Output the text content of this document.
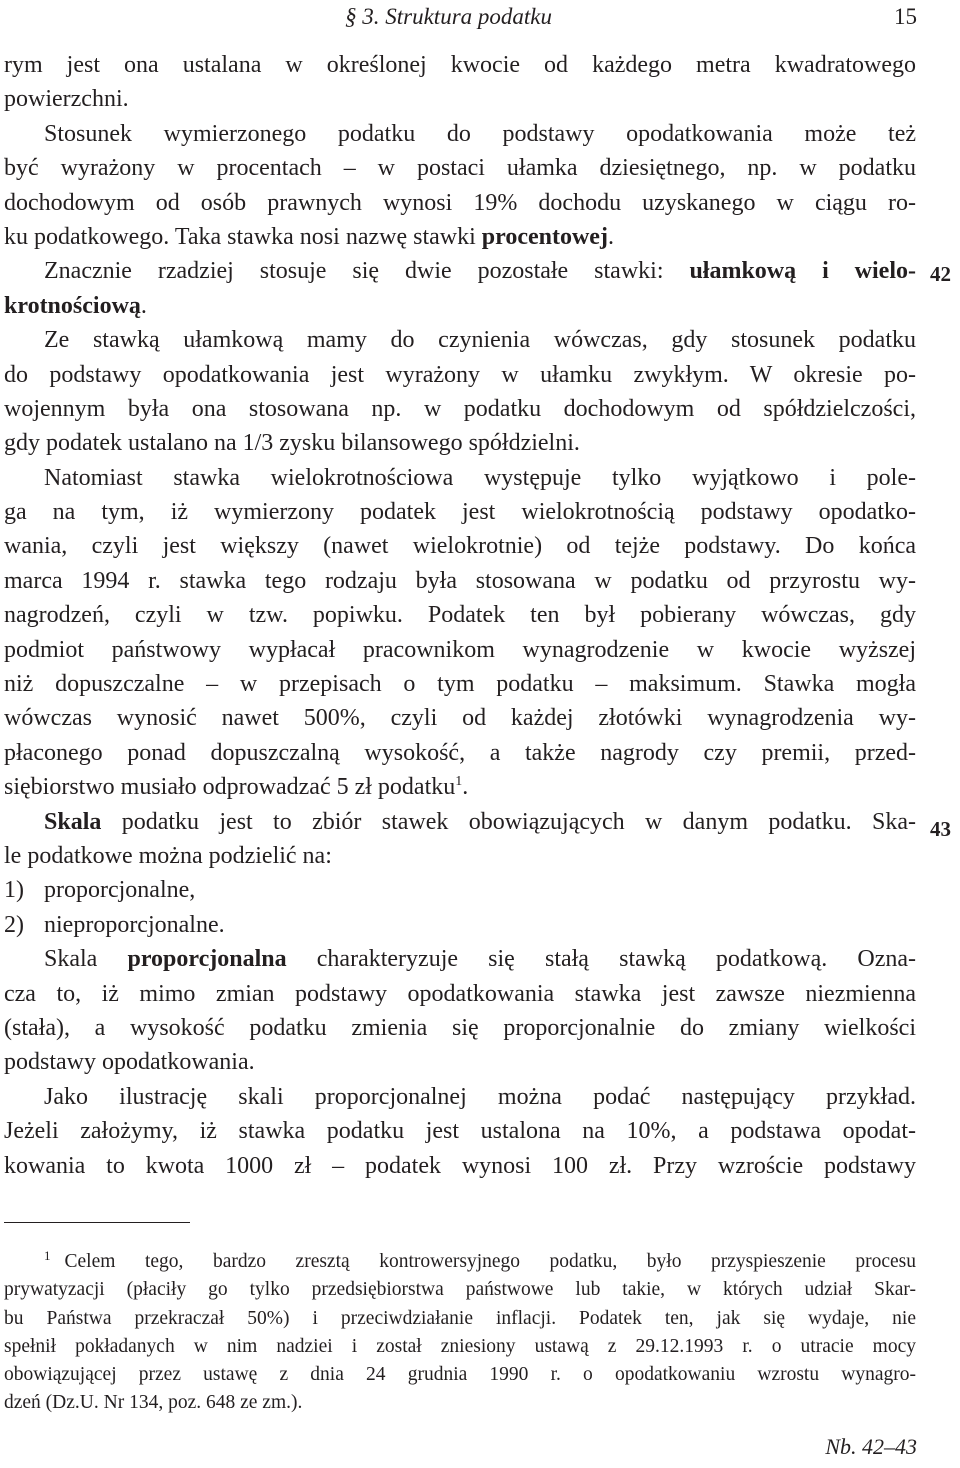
§ 3. Struktura podatku	15
rym jest ona ustalana w określonej kwocie od każdego metra kwadratowego
powierzchni.
Stosunek wymierzonego podatku do podstawy opodatkowania może też
być wyrażony w procentach – w postaci ułamka dziesiętnego, np. w podatku
dochodowym od osób prawnych wynosi 19% dochodu uzyskanego w ciągu ro-
ku podatkowego. Taka stawka nosi nazwę stawki procentowej.
Znacznie rzadziej stosuje się dwie pozostałe stawki: ułamkową i wielo-
krotnościową.
Ze stawką ułamkową mamy do czynienia wówczas, gdy stosunek podatku
do podstawy opodatkowania jest wyrażony w ułamku zwykłym. W okresie po-
wojennym była ona stosowana np. w podatku dochodowym od spółdzielczości,
gdy podatek ustalano na 1/3 zysku bilansowego spółdzielni.
Natomiast stawka wielokrotnościowa występuje tylko wyjątkowo i pole-
ga na tym, iż wymierzony podatek jest wielokrotnością podstawy opodatko-
wania, czyli jest większy (nawet wielokrotnie) od tejże podstawy. Do końca
marca 1994 r. stawka tego rodzaju była stosowana w podatku od przyrostu wy-
nagrodzeń, czyli w tzw. popiwku. Podatek ten był pobierany wówczas, gdy
podmiot państwowy wypłacał pracownikom wynagrodzenie w kwocie wyższej
niż dopuszczalne – w przepisach o tym podatku – maksimum. Stawka mogła
wówczas wynosić nawet 500%, czyli od każdej złotówki wynagrodzenia wy-
płaconego ponad dopuszczalną wysokość, a także nagrody czy premii, przed-
siębiorstwo musiało odprowadzać 5 zł podatku$^1$.
Skala podatku jest to zbiór stawek obowiązujących w danym podatku. Ska-
le podatkowe można podzielić na:
1) proporcjonalne,
2) nieproporcjonalne.
Skala proporcjonalna charakteryzuje się stałą stawką podatkową. Ozna-
cza to, iż mimo zmian podstawy opodatkowania stawka jest zawsze niezmienna
(stała), a wysokość podatku zmienia się proporcjonalnie do zmiany wielkości
podstawy opodatkowania.
Jako ilustrację skali proporcjonalnej można podać następujący przykład.
Jeżeli założymy, iż stawka podatku jest ustalona na 10%, a podstawa opodat-
kowania to kwota 1000 zł – podatek wynosi 100 zł. Przy wzroście podstawy
42
43
$^1$ Celem tego, bardzo zresztą kontrowersyjnego podatku, było przyspieszenie procesu
prywatyzacji (płaciły go tylko przedsiębiorstwa państwowe lub takie, w których udział Skar-
bu Państwa przekraczał 50%) i przeciwdziałanie inflacji. Podatek ten, jak się wydaje, nie
spełnił pokładanych w nim nadziei i został zniesiony ustawą z 29.12.1993 r. o utracie mocy
obowiązującej przez ustawę z dnia 24 grudnia 1990 r. o opodatkowaniu wzrostu wynagro-
dzeń (Dz.U. Nr 134, poz. 648 ze zm.).
Nb. 42–43
